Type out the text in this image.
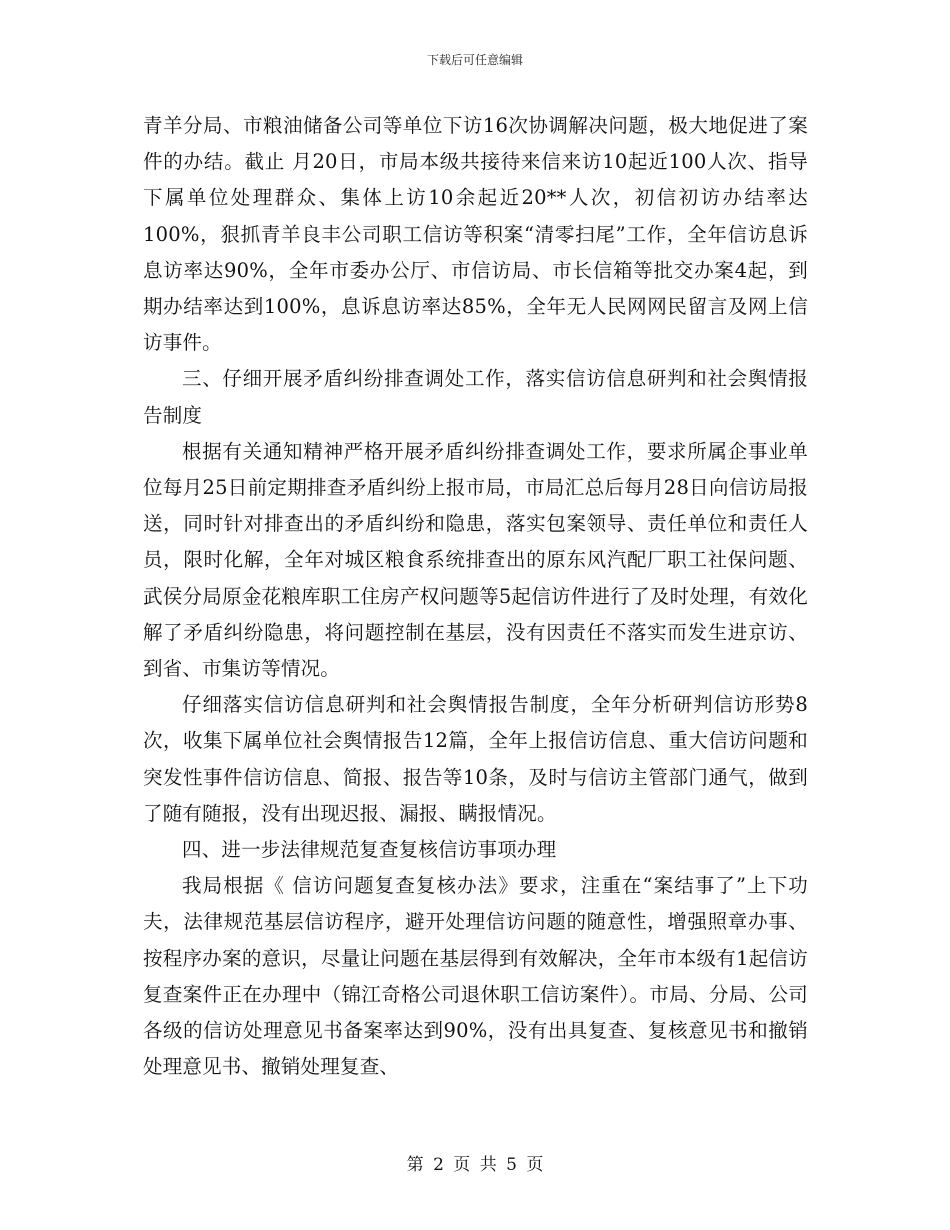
下载后可任意编辑

青羊分局、市粮油储备公司等单位下访16次协调解决问题，极大地促进了案件的办结。截止 月20日，市局本级共接待来信来访10起近100人次、指导下属单位处理群众、集体上访10余起近20**人次，初信初访办结率达100%，狠抓青羊良丰公司职工信访等积案“清零扫尾”工作，全年信访息诉息访率达90%，全年市委办公厅、市信访局、市长信箱等批交办案4起，到期办结率达到100%，息诉息访率达85%，全年无人民网网民留言及网上信访事件。

三、仔细开展矛盾纠纷排查调处工作，落实信访信息研判和社会舆情报告制度

根据有关通知精神严格开展矛盾纠纷排查调处工作，要求所属企事业单位每月25日前定期排查矛盾纠纷上报市局，市局汇总后每月28日向信访局报送，同时针对排查出的矛盾纠纷和隐患，落实包案领导、责任单位和责任人员，限时化解，全年对城区粮食系统排查出的原东风汽配厂职工社保问题、武侯分局原金花粮库职工住房产权问题等5起信访件进行了及时处理，有效化解了矛盾纠纷隐患，将问题控制在基层，没有因责任不落实而发生进京访、到省、市集访等情况。

仔细落实信访信息研判和社会舆情报告制度，全年分析研判信访形势8次，收集下属单位社会舆情报告12篇，全年上报信访信息、重大信访问题和突发性事件信访信息、简报、报告等10条，及时与信访主管部门通气，做到了随有随报，没有出现迟报、漏报、瞒报情况。

四、进一步法律规范复查复核信访事项办理

我局根据《 信访问题复查复核办法》要求，注重在“案结事了”上下功夫，法律规范基层信访程序，避开处理信访问题的随意性，增强照章办事、按程序办案的意识，尽量让问题在基层得到有效解决，全年市本级有1起信访复查案件正在办理中（锦江奇格公司退休职工信访案件）。市局、分局、公司各级的信访处理意见书备案率达到90%，没有出具复查、复核意见书和撤销处理意见书、撤销处理复查、

第 2 页 共 5 页
